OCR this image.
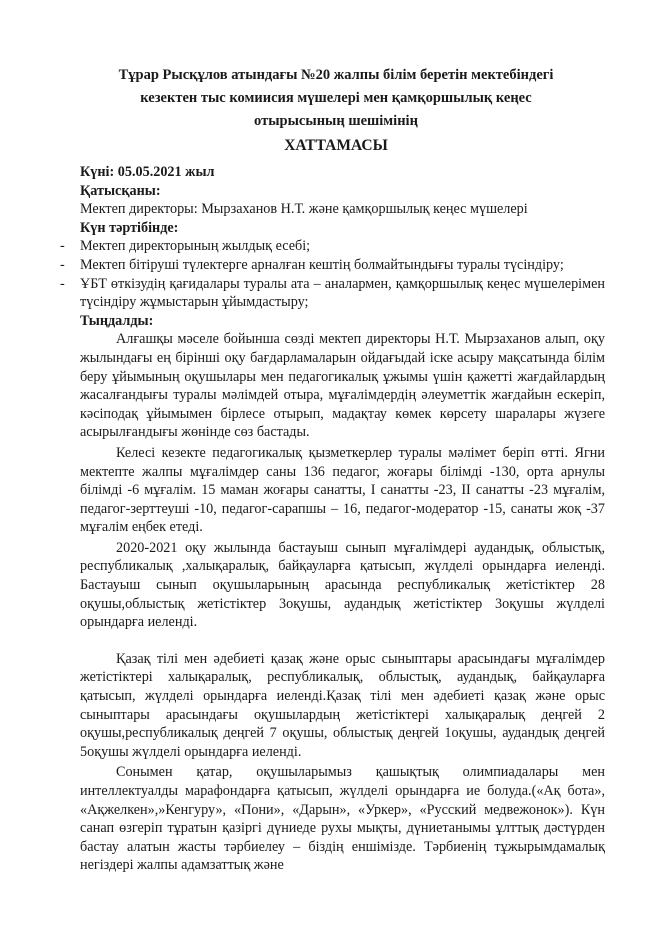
Тұрар Рысқұлов атындағы №20 жалпы білім беретін мектебіндегі
кезектен тыс комиисия мүшелері мен қамқоршылық кеңес
отырысының шешімінің
ХАТТАМАСЫ

Күні: 05.05.2021 жыл

Қатысқаны:

Мектеп директоры: Мырзаханов Н.Т. және қамқоршылық кеңес мүшелері

Күн тәртібінде:

- Мектеп директорының жылдық есебі;
- Мектеп бітіруші түлектерге арналған кештің болмайтындығы туралы түсіндіру;
- ҰБТ өткізудің қағидалары туралы ата – аналармен, қамқоршылық кеңес мүшелерімен түсіндіру жұмыстарын ұйымдастыру;

Тыңдалды:

Алғашқы мәселе бойынша сөзді мектеп директоры Н.Т. Мырзаханов алып, оқу жылындағы ең бірінші оқу бағдарламаларын ойдағыдай іске асыру мақсатында білім беру ұйымының оқушылары мен педагогикалық ұжымы үшін қажетті жағдайлардың жасалғандығы туралы мәлімдей отыра, мұғалімдердің әлеуметтік жағдайын ескеріп, кәсіподақ ұйымымен бірлесе отырып, мадақтау көмек көрсету шаралары жүзеге асырылғандығы жөнінде сөз бастады.

Келесі кезекте педагогикалық қызметкерлер туралы мәлімет беріп өтті. Ягни мектепте жалпы мұғалімдер саны 136 педагог, жоғары білімді -130, орта арнулы білімді -6 мұғалім. 15 маман жоғары санатты, І санатты -23, ІІ санатты -23 мұғалім, педагог-зерттеуші -10, педагог-сарапшы – 16, педагог-модератор -15, санаты жоқ -37 мұғалім еңбек етеді.

2020-2021 оқу жылында бастауыш сынып мұғалімдері аудандық, облыстық, республикалық ,халықаралық, байқауларға қатысып, жүлделі орындарға иеленді. Бастауыш сынып оқушыларының арасында республикалық жетістіктер 28 оқушы,облыстық жетістіктер 3оқушы, аудандық жетістіктер 3оқушы жүлделі орындарға иеленді.

Қазақ тілі мен әдебиеті қазақ және орыс сыныптары арасындағы мұғалімдер жетістіктері халықаралық, республикалық, облыстық, аудандық, байқауларға қатысып, жүлделі орындарға иеленді.Қазақ тілі мен әдебиеті қазақ және орыс сыныптары арасындағы оқушылардың жетістіктері халықаралық деңгей 2 оқушы,республикалық деңгей 7 оқушы, облыстық деңгей 1оқушы, аудандық деңгей 5оқушы жүлделі орындарға иеленді.

Сонымен қатар, оқушыларымыз қашықтық олимпиадалары мен интеллектуалды марафондарға қатысып, жүлделі орындарға ие болуда.(«Ақ бота», «Ақжелкен»,»Кенгуру», «Пони», «Дарын», «Уркер», «Русский медвежонок»). Күн санап өзгеріп тұратын қазіргі дүниеде рухы мықты, дүниетанымы ұлттық дәстүрден бастау алатын жасты тәрбиелеу – біздің еншімізде. Тәрбиенің тұжырымдамалық негіздері жалпы адамзаттық және
